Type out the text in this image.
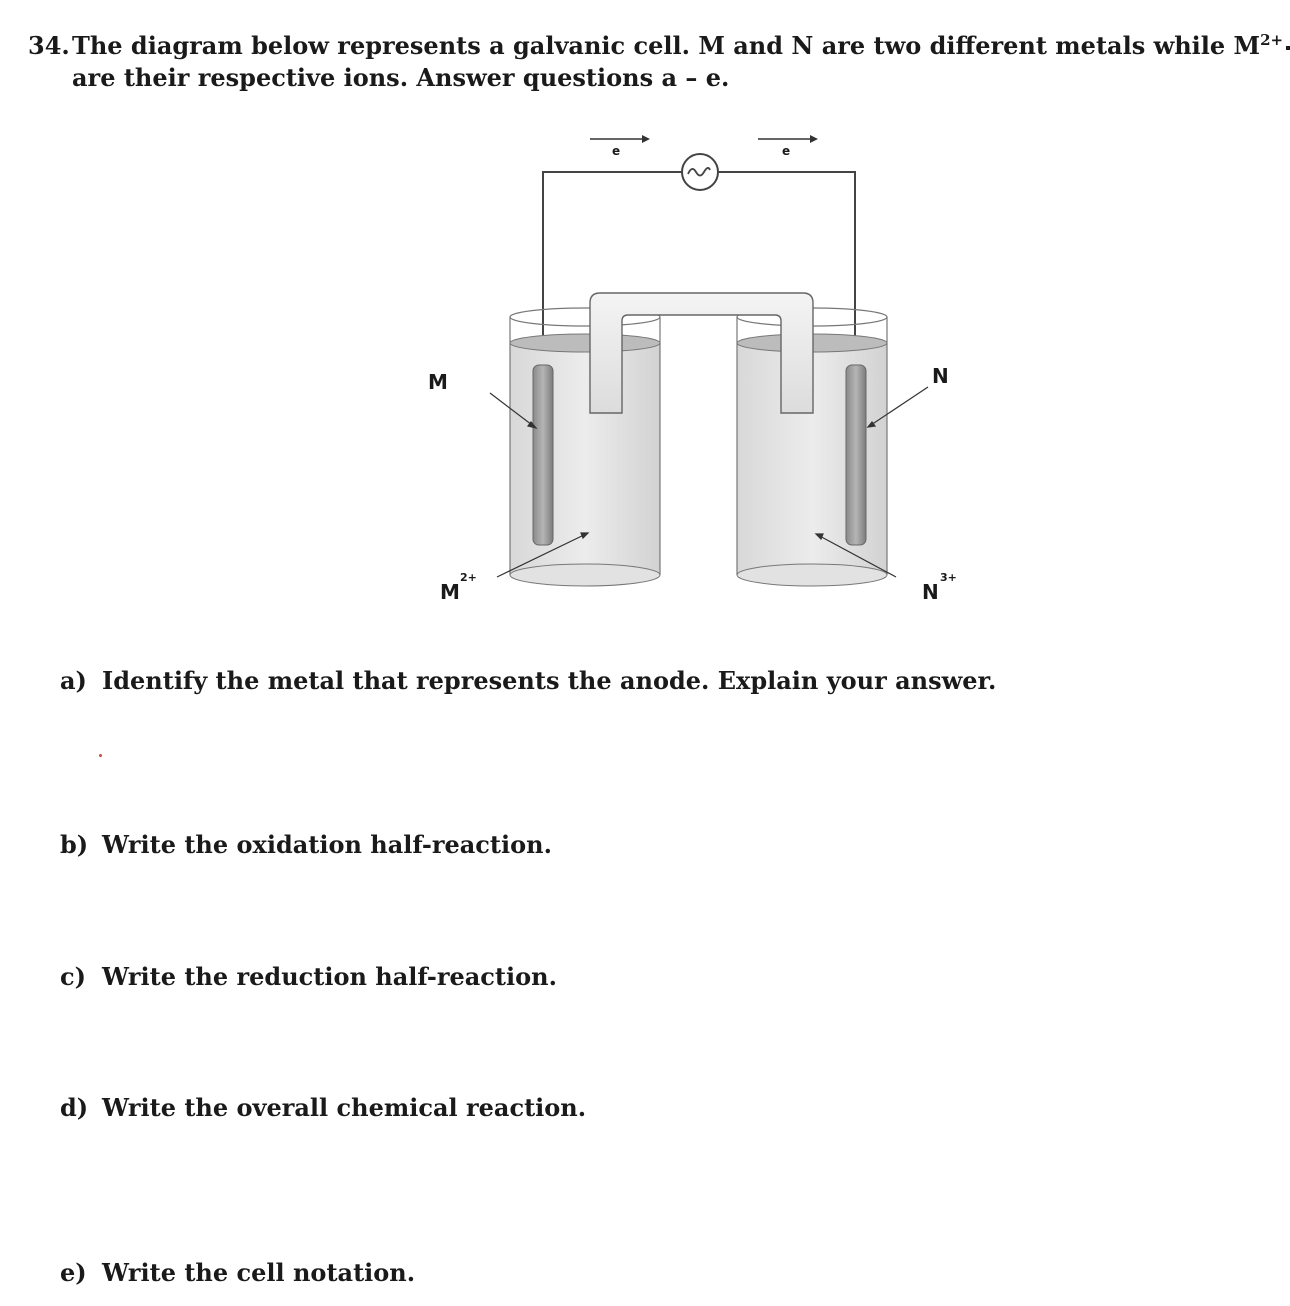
34.The diagram below represents a galvanic cell. M and N are two different metals while $M^{2+}$
are their respective ions. Answer questions a – e.
e	e
M	N
M
2+
N
3+
a) Identify the metal that represents the anode. Explain your answer.
b) Write the oxidation half-reaction.
c) Write the reduction half-reaction.
d) Write the overall chemical reaction.
e) Write the cell notation.
